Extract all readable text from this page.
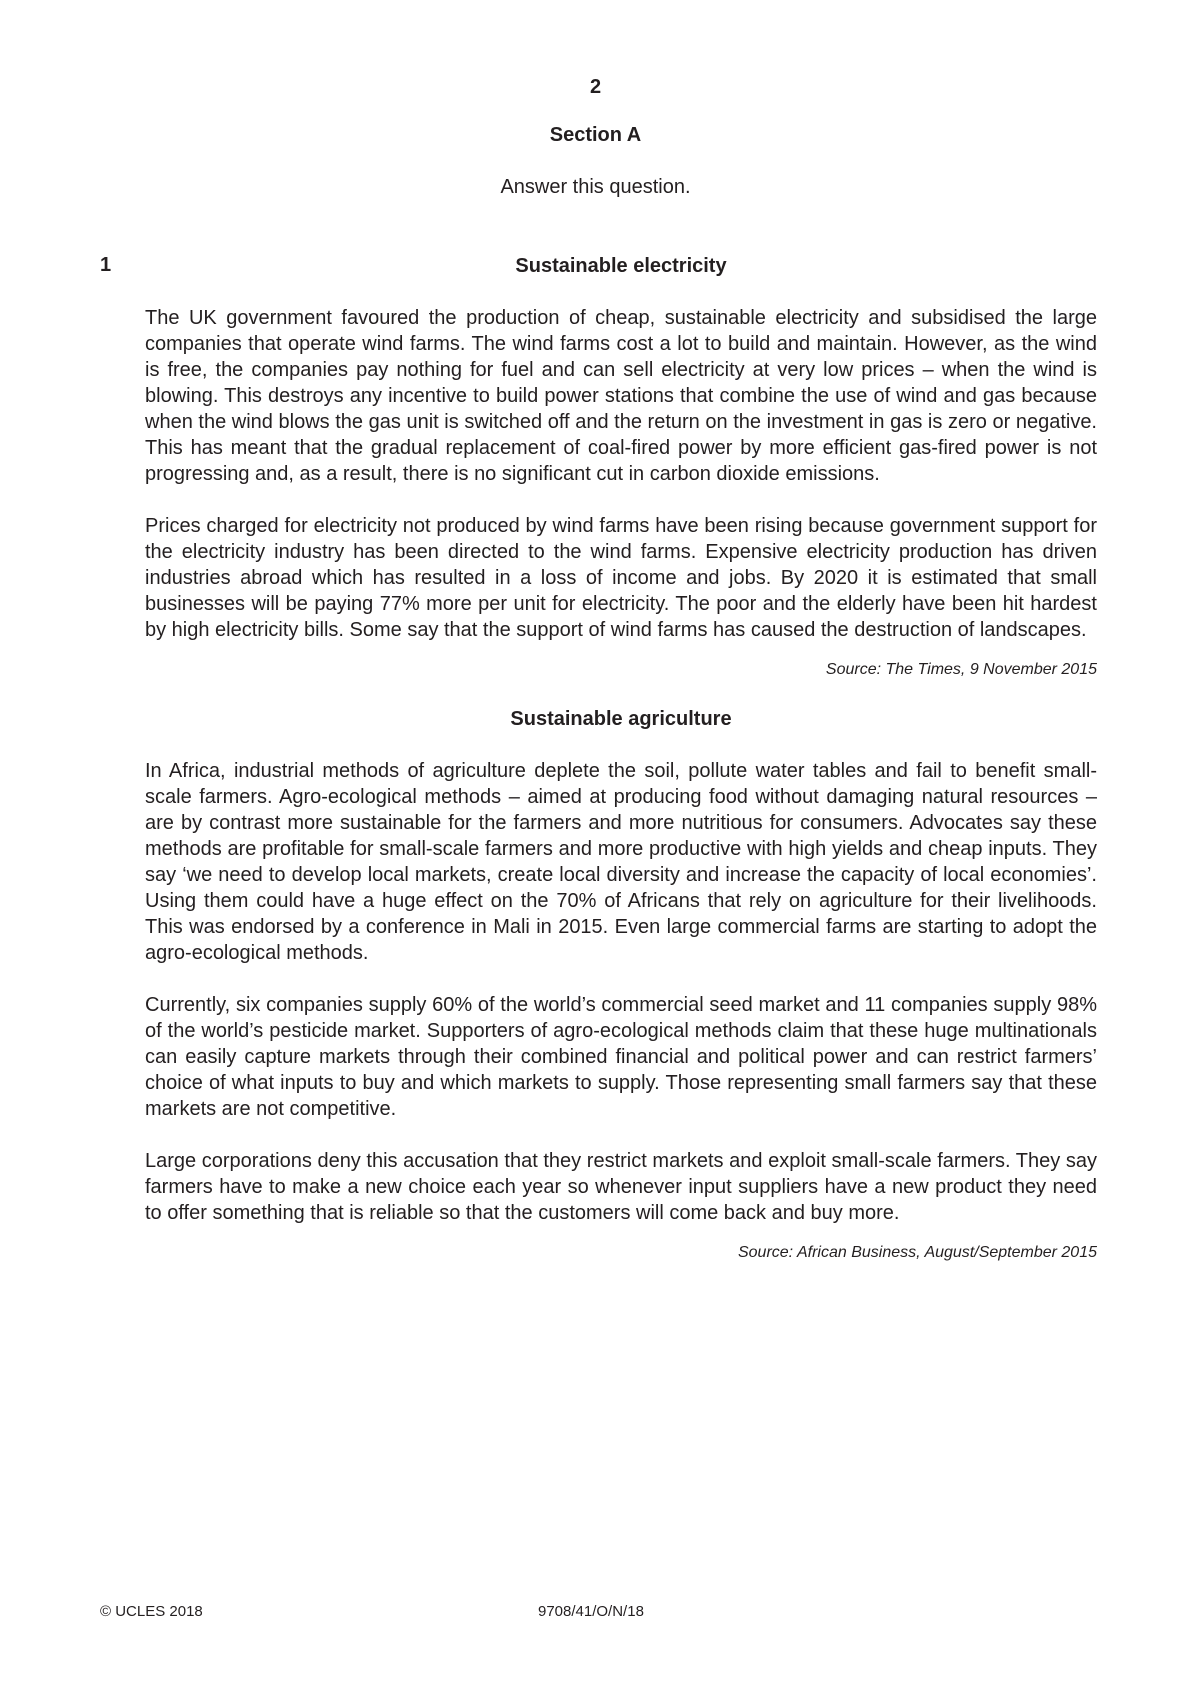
2
Section A
Answer this question.
1	Sustainable electricity

The UK government favoured the production of cheap, sustainable electricity and subsidised the large companies that operate wind farms. The wind farms cost a lot to build and maintain. However, as the wind is free, the companies pay nothing for fuel and can sell electricity at very low prices – when the wind is blowing. This destroys any incentive to build power stations that combine the use of wind and gas because when the wind blows the gas unit is switched off and the return on the investment in gas is zero or negative. This has meant that the gradual replacement of coal-fired power by more efficient gas-fired power is not progressing and, as a result, there is no significant cut in carbon dioxide emissions.

Prices charged for electricity not produced by wind farms have been rising because government support for the electricity industry has been directed to the wind farms. Expensive electricity production has driven industries abroad which has resulted in a loss of income and jobs. By 2020 it is estimated that small businesses will be paying 77% more per unit for electricity. The poor and the elderly have been hit hardest by high electricity bills. Some say that the support of wind farms has caused the destruction of landscapes.

Source: The Times, 9 November 2015

Sustainable agriculture

In Africa, industrial methods of agriculture deplete the soil, pollute water tables and fail to benefit small-scale farmers. Agro-ecological methods – aimed at producing food without damaging natural resources – are by contrast more sustainable for the farmers and more nutritious for consumers. Advocates say these methods are profitable for small-scale farmers and more productive with high yields and cheap inputs. They say ‘we need to develop local markets, create local diversity and increase the capacity of local economies’. Using them could have a huge effect on the 70% of Africans that rely on agriculture for their livelihoods. This was endorsed by a conference in Mali in 2015. Even large commercial farms are starting to adopt the agro-ecological methods.

Currently, six companies supply 60% of the world’s commercial seed market and 11 companies supply 98% of the world’s pesticide market. Supporters of agro-ecological methods claim that these huge multinationals can easily capture markets through their combined financial and political power and can restrict farmers’ choice of what inputs to buy and which markets to supply. Those representing small farmers say that these markets are not competitive.

Large corporations deny this accusation that they restrict markets and exploit small-scale farmers. They say farmers have to make a new choice each year so whenever input suppliers have a new product they need to offer something that is reliable so that the customers will come back and buy more.

Source: African Business, August/September 2015

© UCLES 2018	9708/41/O/N/18
